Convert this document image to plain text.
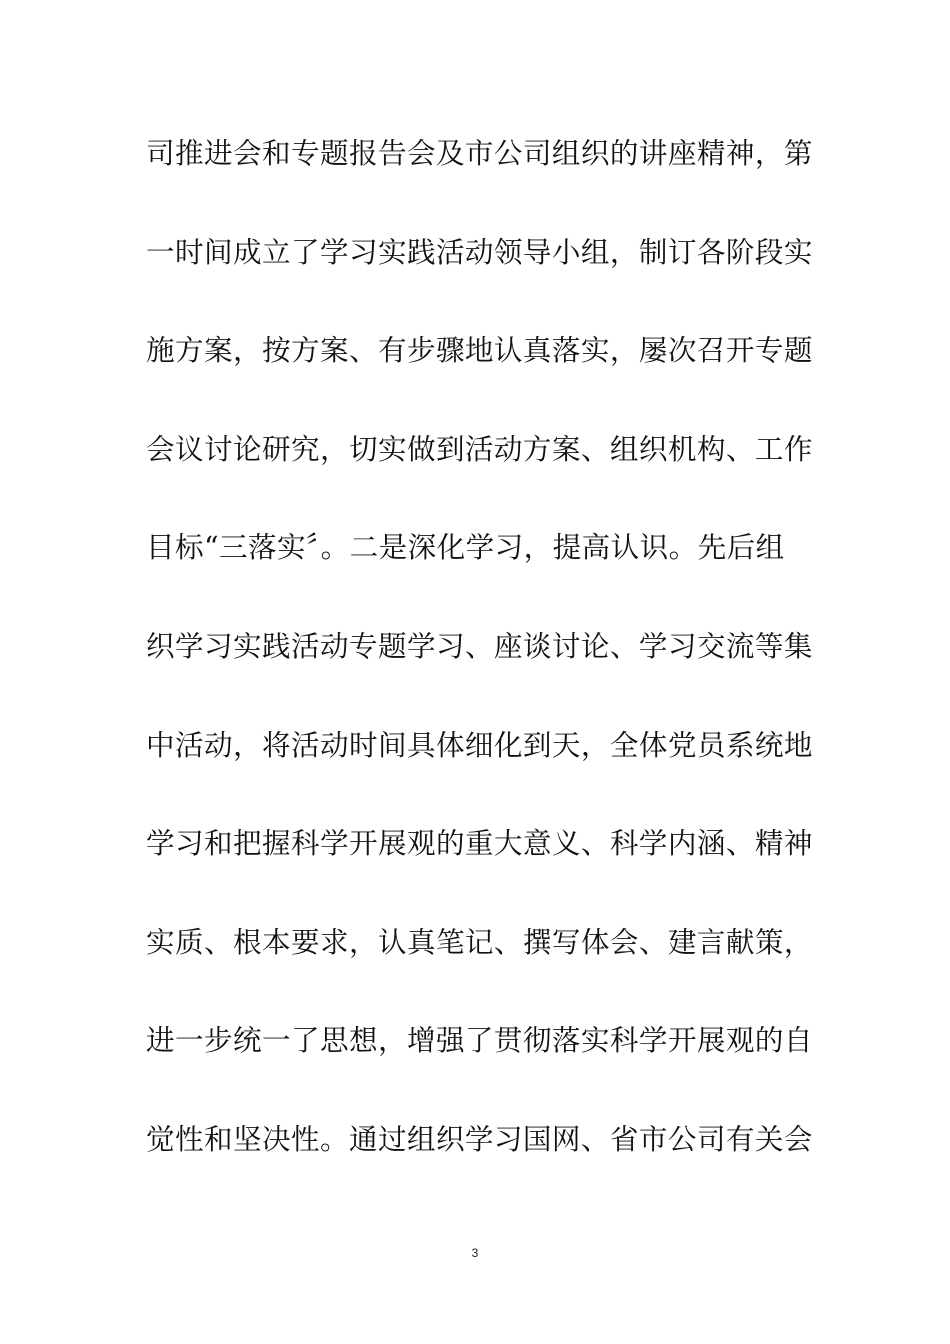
司推进会和专题报告会及市公司组织的讲座精神，第
一时间成立了学习实践活动领导小组，制订各阶段实
施方案，按方案、有步骤地认真落实，屡次召开专题
会议讨论研究，切实做到活动方案、组织机构、工作
目标“三落实〞。二是深化学习，提高认识。先后组
织学习实践活动专题学习、座谈讨论、学习交流等集
中活动，将活动时间具体细化到天，全体党员系统地
学习和把握科学开展观的重大意义、科学内涵、精神
实质、根本要求，认真笔记、撰写体会、建言献策，
进一步统一了思想，增强了贯彻落实科学开展观的自
觉性和坚决性。通过组织学习国网、省市公司有关会
3
